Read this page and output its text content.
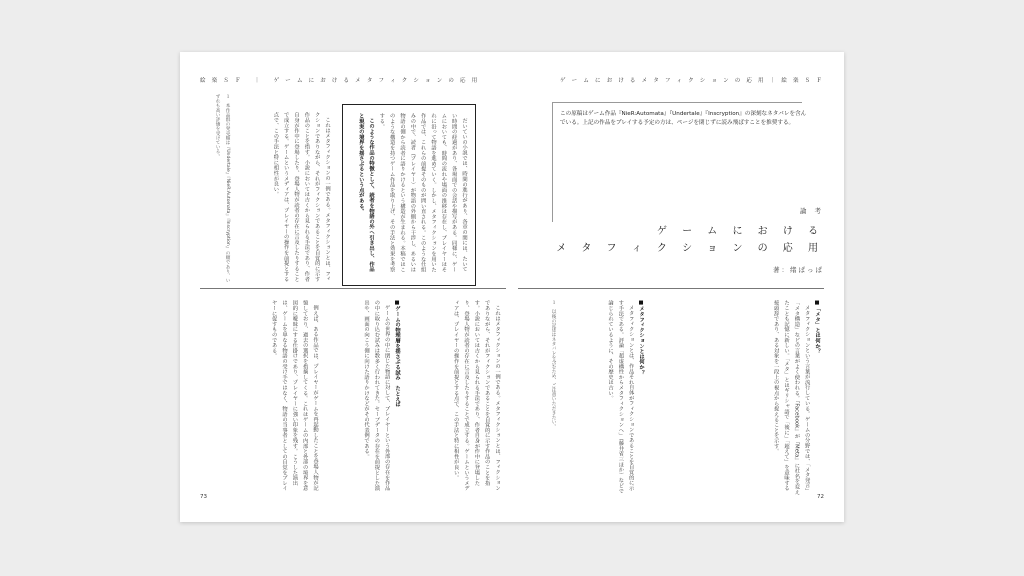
絵 楽 Ｓ Ｆ 　｜　 ゲ ー ム に お け る メ タ フ ィ ク シ ョ ン の 応 用
１　本作品群の発売順は『Undertale』『NieR:Automata』『Inscryption』の順であり、いずれも高い評価を受けている。	これはメタフィクションの一例である。メタフィクションとは、フィクションでありながら、それがフィクションであることを自覚的に示す作品のことを指す。小説においては古くから見られる手法であり、作者自身が作中に登場したり、登場人物が読者の存在に言及したりすることで成立する。ゲームというメディアは、プレイヤーの操作を前提とする点で、この手法と特に相性が良い。	だいていの小説では、時間の進行があり、各章の間には、たいてい時間の経過があり、各場面での会話や描写がある。同様に、ゲームにおいても、時間の流れや場面の推移は存在し、プレイヤーはそれに沿って物語を進めていく。しかし、メタフィクションを用いた作品では、これらの前提そのものが問い直される。このような仕組みの中で、読者（プレイヤー）が物語の外側から干渉し、あるいは物語の側から読者に語りかけるという構造が生まれる。本稿ではこのような構造を持つゲーム作品を取り上げ、その手法と効果を考察する。

このような作品の特徴として、読者を物語の外へ引き出し、作品と現実の境界を揺さぶるという点がある。

例えば、ある作品では、プレイヤーがゲームを再起動したことを登場人物が記憶しており、過去の選択を指摘してくる。これはゲームの内部と外部の境界を意図的に曖昧にする仕掛けであり、プレイヤーに強い印象を残す。こうした演出は、ゲームを単なる物語の受け手ではなく、物語の当事者としての自覚をプレイヤーに促すものである。	■ゲームの物理層を揺さぶる試み　たとえば

ゲームの世界の中に閉じた物語に対して、プレイヤーという外部の存在を作品の中に取り込む試みは数多く行われてきた。セーブデータの存在を前提とした演出や、画面の向こう側に向けた語りかけなどがその代表例である。	これはメタフィクションの一例である。メタフィクションとは、フィクションでありながら、それがフィクションであることを自覚的に示す作品のことを指す。小説においては古くから見られる手法であり、作者自身が作中に登場したり、登場人物が読者の存在に言及したりすることで成立する。ゲームというメディアは、プレイヤーの操作を前提とする点で、この手法と特に相性が良い。

73
ゲ ー ム に お け る メ タ フ ィ ク シ ョ ン の 応 用 ｜ 絵 楽 Ｓ Ｆ
この原稿はゲーム作品『NieR:Automata』『Undertale』『Inscryption』の深刻なネタバレを含んでいる。上記の作品をプレイする予定の方は、ページを閉じずに読み飛ばすことを推奨する。
論 考
ゲ ー ム に お け る
メ タ フ ィ ク シ ョ ン の 応 用
著：绪ぱっぱ
１　以後の記述はネタバレを含むため、ご注意いただきたい。	■メタフィクションとは何か？

メタフィクションとは、作品それ自体がフィクションであることを自覚的に示す手法である。評論「超虚構性からメタフィクションへ」（藤井省三ほか）などで論じられているように、その歴史は古い。	■「メタ」とは何か？

メタフィクションという言葉が流行している。ゲームの分野では、「メタ発言」「メタ構造」などの言葉がよく使われる。『Facebook』が『Meta』に社名を変えたことも記憶に新しい。「メタ」とはギリシャ語で「後に」「超えて」を意味する接頭辞であり、ある対象を一段上の視点から捉えることを示す。

72
